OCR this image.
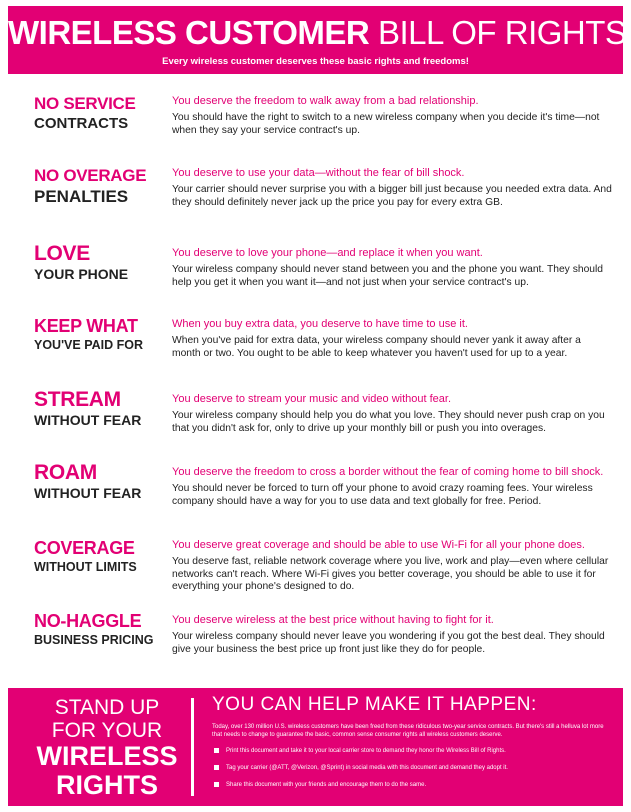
WIRELESS CUSTOMER BILL OF RIGHTS
Every wireless customer deserves these basic rights and freedoms!
NO SERVICE
CONTRACTS
You deserve the freedom to walk away from a bad relationship.
You should have the right to switch to a new wireless company when you decide it's time—not when they say your service contract's up.
NO OVERAGE
PENALTIES
You deserve to use your data—without the fear of bill shock.
Your carrier should never surprise you with a bigger bill just because you needed extra data. And they should definitely never jack up the price you pay for every extra GB.
LOVE
YOUR PHONE
You deserve to love your phone—and replace it when you want.
Your wireless company should never stand between you and the phone you want. They should help you get it when you want it—and not just when your service contract's up.
KEEP WHAT
YOU'VE PAID FOR
When you buy extra data, you deserve to have time to use it.
When you've paid for extra data, your wireless company should never yank it away after a month or two. You ought to be able to keep whatever you haven't used for up to a year.
STREAM
WITHOUT FEAR
You deserve to stream your music and video without fear.
Your wireless company should help you do what you love. They should never push crap on you that you didn't ask for, only to drive up your monthly bill or push you into overages.
ROAM
WITHOUT FEAR
You deserve the freedom to cross a border without the fear of coming home to bill shock.
You should never be forced to turn off your phone to avoid crazy roaming fees. Your wireless company should have a way for you to use data and text globally for free. Period.
COVERAGE
WITHOUT LIMITS
You deserve great coverage and should be able to use Wi-Fi for all your phone does.
You deserve fast, reliable network coverage where you live, work and play—even where cellular networks can't reach. Where Wi-Fi gives you better coverage, you should be able to use it for everything your phone's designed to do.
NO-HAGGLE
BUSINESS PRICING
You deserve wireless at the best price without having to fight for it.
Your wireless company should never leave you wondering if you got the best deal. They should give your business the best price up front just like they do for people.
STAND UP
FOR YOUR
WIRELESS
RIGHTS
YOU CAN HELP MAKE IT HAPPEN:
Today, over 130 million U.S. wireless customers have been freed from these ridiculous two-year service contracts. But there's still a helluva lot more that needs to change to guarantee the basic, common sense consumer rights all wireless customers deserve.
Print this document and take it to your local carrier store to demand they honor the Wireless Bill of Rights.
Tag your carrier (@ATT, @Verizon, @Sprint) in social media with this document and demand they adopt it.
Share this document with your friends and encourage them to do the same.
